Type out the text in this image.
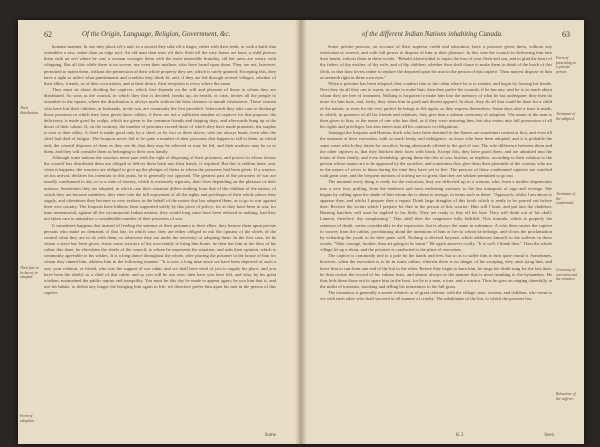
62	Of the Origin, Language, Religion, Government, &c.
Their distribution.
Their fate to be burnt, or adopted.
Form of adoption.

humane manner. In one they pluck off a nail; in a second they take off a finger, either with their teeth, or with a knife that resembles a saw, rather than an edge tool. An old man then tears off their flesh till the very bones are bare; a child pierces them with an awl where he can; a woman scourges them with the most insensible brutality, till her arms are weary with whipping. But all this while there is no severe, nor even their mothers, who have heard upon them. They are not, however, permitted to maim them, without the permission of their whole property they are, which is rarely granted. Excepting this, they have a right to inflict what punishments and cruelties they think fit, and, if they are led through several villages, whether of their allies, friends, or of their own nation, and at their desire, their reception is every where the same.

They must sit about dividing the captives, which first depends on the will and pleasure of those to whom they are distributed. So soon as the council, in which they first is decided, breaks up, an herald, or crier, invites all the people to assemble in the square, where the distribution is always made without the least clamour or tumult whatsoever. Those women who have lost their children, or husbands, in the war, are commonly the first provided. Afterwards they take care to discharge those promises in which they have given those collars; if there are not a sufficient number of captives for that purpose, the deficiency is made good by scalps, which are given to the common friends and tripping days, and afterwards hung up at the doors of their cabins. If, on the contrary, the number of prisoners exceed those of which they have made promises, the surplus is sent to their allies. A chief is made good only by a chief, or by two or three slaves, who are always burnt, even after the chief had died of fatigue. The Iroquois never fail to be quite a number of their prisoners that happen to fall to them, in which only the council disposes of them as they see fit; that they may be relieved or may be fed, and their mothers may be so to them, and they will consider them as belonging to their own family.

Although some nations the warriors never part with the right of disposing of their prisoners, and protect in whose favour the council has distributed them are obliged to deliver them back into their hands, if required. But this is seldom done, and, when it happens, the warriors are obliged to give up the pledges of theirs to whom the prisoners had been given. If a warrior, on his arrival, declares his intention in this point, he is generally not opposed. The greatest part of the prisoners of war are usually condemned to die, or to a state of slavery, which is extremely rigorous, their lives depending on the pleasure of their masters. Sometimes they are adopted, in which case their situation differs nothing from that of the children of the nation, of which they are become members; they enter into the full enjoyment of all the rights and privileges of their whole places they supply, and oftentimes they become so very zealous in the behalf of the nation that has adopted them, as to go to war against their own country. The Iroquois have hitherto been supported solely by this piece of policy; for as they have been in war, for time immemorial, against all the circumjacent Indian nations, they would long since have been reduced to nothing, had they not taken care to naturalize a considerable number of their prisoners of war.

It sometimes happens that instead of feeding the stamina of their prisoners to their allies, they bestow them upon private persons who make no demands of that late, in which case, they are either obliged to ask the opinion of the chiefs of the council what they are to do with them, or otherwise they are under the necessity of adopting them. In the first case, let he whom a slave has been given, feasts some warriors of his own family to bring him home, he then has him in the door of his cabin; this done, he elucidates the chiefs of the council, to whom he represents his situation, and asks their opinion, which is commonly agreeable to his wishes. It is a long dance throughout the whole, after placing the prisoner in the house of him for whom they intend him, address him in the following manner: "It is now a long time since we have been deprived of such a one, your relation, or friend, who was the support of our cabin, and we shall have need of you to supply his place; and you have been the shield, as a chief of that cabin, and so you will be our own: then have you have left, and who, by his great wisdom, maintained the public repose and tranquility. You must be this day be made to appear again; be you him that is, and use his habits, to defeat any longer the bringing him again to life; we therefore prefer him upon his mat in the person of this captive.

Some
of the different Indian Nations inhabiting Canada.	63
Form of presenting to a private person.
Treatment of the adopted.
Treatment of the condemned.
Ceremony of execution and the sentence.
Behaviour of the sufferer.

Some private persons, on account of their superior credit and education, have a prisoner given them, without any restriction or reserve, and with full power to dispose of him at their pleasure. In this case the council in delivering him into their hands, exhorts them in these words: "Behold wherewithal to repair the loss of your flesh and son, and to glad the heart of thy father, of thy mother, of thy wife, and of thy children, whether thou shalt chuse to make them to drink of the broth of this flesh, or that thou lovest rather to replace the departed upon his mat in the person of this captive. Thou mayest dispose of him as seemeth right in thine own eyes."

When a prisoner has been adopted, they conduct him to the cabin where he is to remain, and begin by loosing his bonds. Next they do all they can to warm, in order to make him; then they prefer his wounds, if he has any; and he is so much about whom they are free of treatment. Nothing is forgotten to make him lose the memory of what he has undergone; they then do more for him bore, and, lastly, they clean him in good and decent apparel. In short, they do all that could be done for a child of the nation, or even for the very prefect he brings to life again, as they express themselves. Some days after a feast is made, in which, in presence of all his friends and relations, they give him a solemn ceremony of adoption. The name of the man is then given to him, or the name of one who has died, as if they were restoring him, but also enters into full possession of all his rights and privileges, but also enters into all his contracts or obligations.

Amongst the Iroquois and Hurons, thick who have been destined to the flames are sometimes treated at first, and even till the moment of their execution, with so much lenity and indulgence, as those who have been adopted; and it is probable the same cases which they fatten for sacrifice, being afterwards offered to the god of war. The sole difference between them and the other captives is, that they blacken their faces with black. Except this, they have good cheer, and are admitted into the feasts of their family, and even friendship, giving them the title of son, brother, or nephew, according to their relation to the person whose manes are to be appeased by the sacrifice; and sometimes they give them their plenitude of the woman, who are in the nature of wives to them during the time they have yet to live. The persons of these condemned captives are watched with great care, and the frequent motions of stirring are so great, that they are seldom permitted to go out.

The moment every thing is ready for the execution, they are delivered up to a woman, who, from a mother degenerates into a very fury, puffing, from the tenderest and most endearing caresses, to the last transports of rage and revenge. She begins by calling upon the shade of him whom the is about to avenge, in terms such as these: "Approach, whilst I am about to appease thee, and whilst I prepare thee a repast; Drink large draughts of this broth which is ready to be poured out before thee: Receive the victim which I prepare for thee in the person of this warrior: Him will I burn, and put into the chaldron: Burning hatchets will soon be applied to his flesh: They are ready to flay off his hair: They will drink out of his skull: Lament, therefore, thy complaining." Thus shall then the vengeance fully fulfilled. This formula, which is properly the sentence of death, varies considerably in the expression, but is always the same in substance. A crier then carries the captive to convey from the cabins, proclaiming aloud the intentions of him or her to whom he belongs, and closes the proclamation by exhorting the youth to do their parts well. Nothing is devised beyond, which addresses himself to the sufferer in these words: "Take courage, brother, thou art going to be burnt." He again answers coolly, "It is well, I thank thee." Then the whole village let up a shout, and the prisoner is conducted to the place of execution.

The captive is commonly tied to a pole by the hands and feet, but so as to suffer him to turn quite round it. Sometimes, however, when the execution is to be in some cabins, whereas there is no danger of his escaping, they omit tying him, and leave him to run from one end of the hut to the other. Before they begin to burn him, he sings his death song for the last time; he then recites the record of his valiant feats, and almost always in the manner that is most insulting to the bystanders. He thus bids them those not to spare him in the least, for he is a man, a true, and a warrior. Thus he goes on singing cheerfully in the midst of torments, mocking and telling his tormentors to the fall grass.

The tormentor is generally a nearer relative, or of great relation, with the village, men, women, and children, who seem to vie with each other who shall succeed in all manner of cruelty. The inhabitants of the hut, to which the prisoner has

K 2	been
